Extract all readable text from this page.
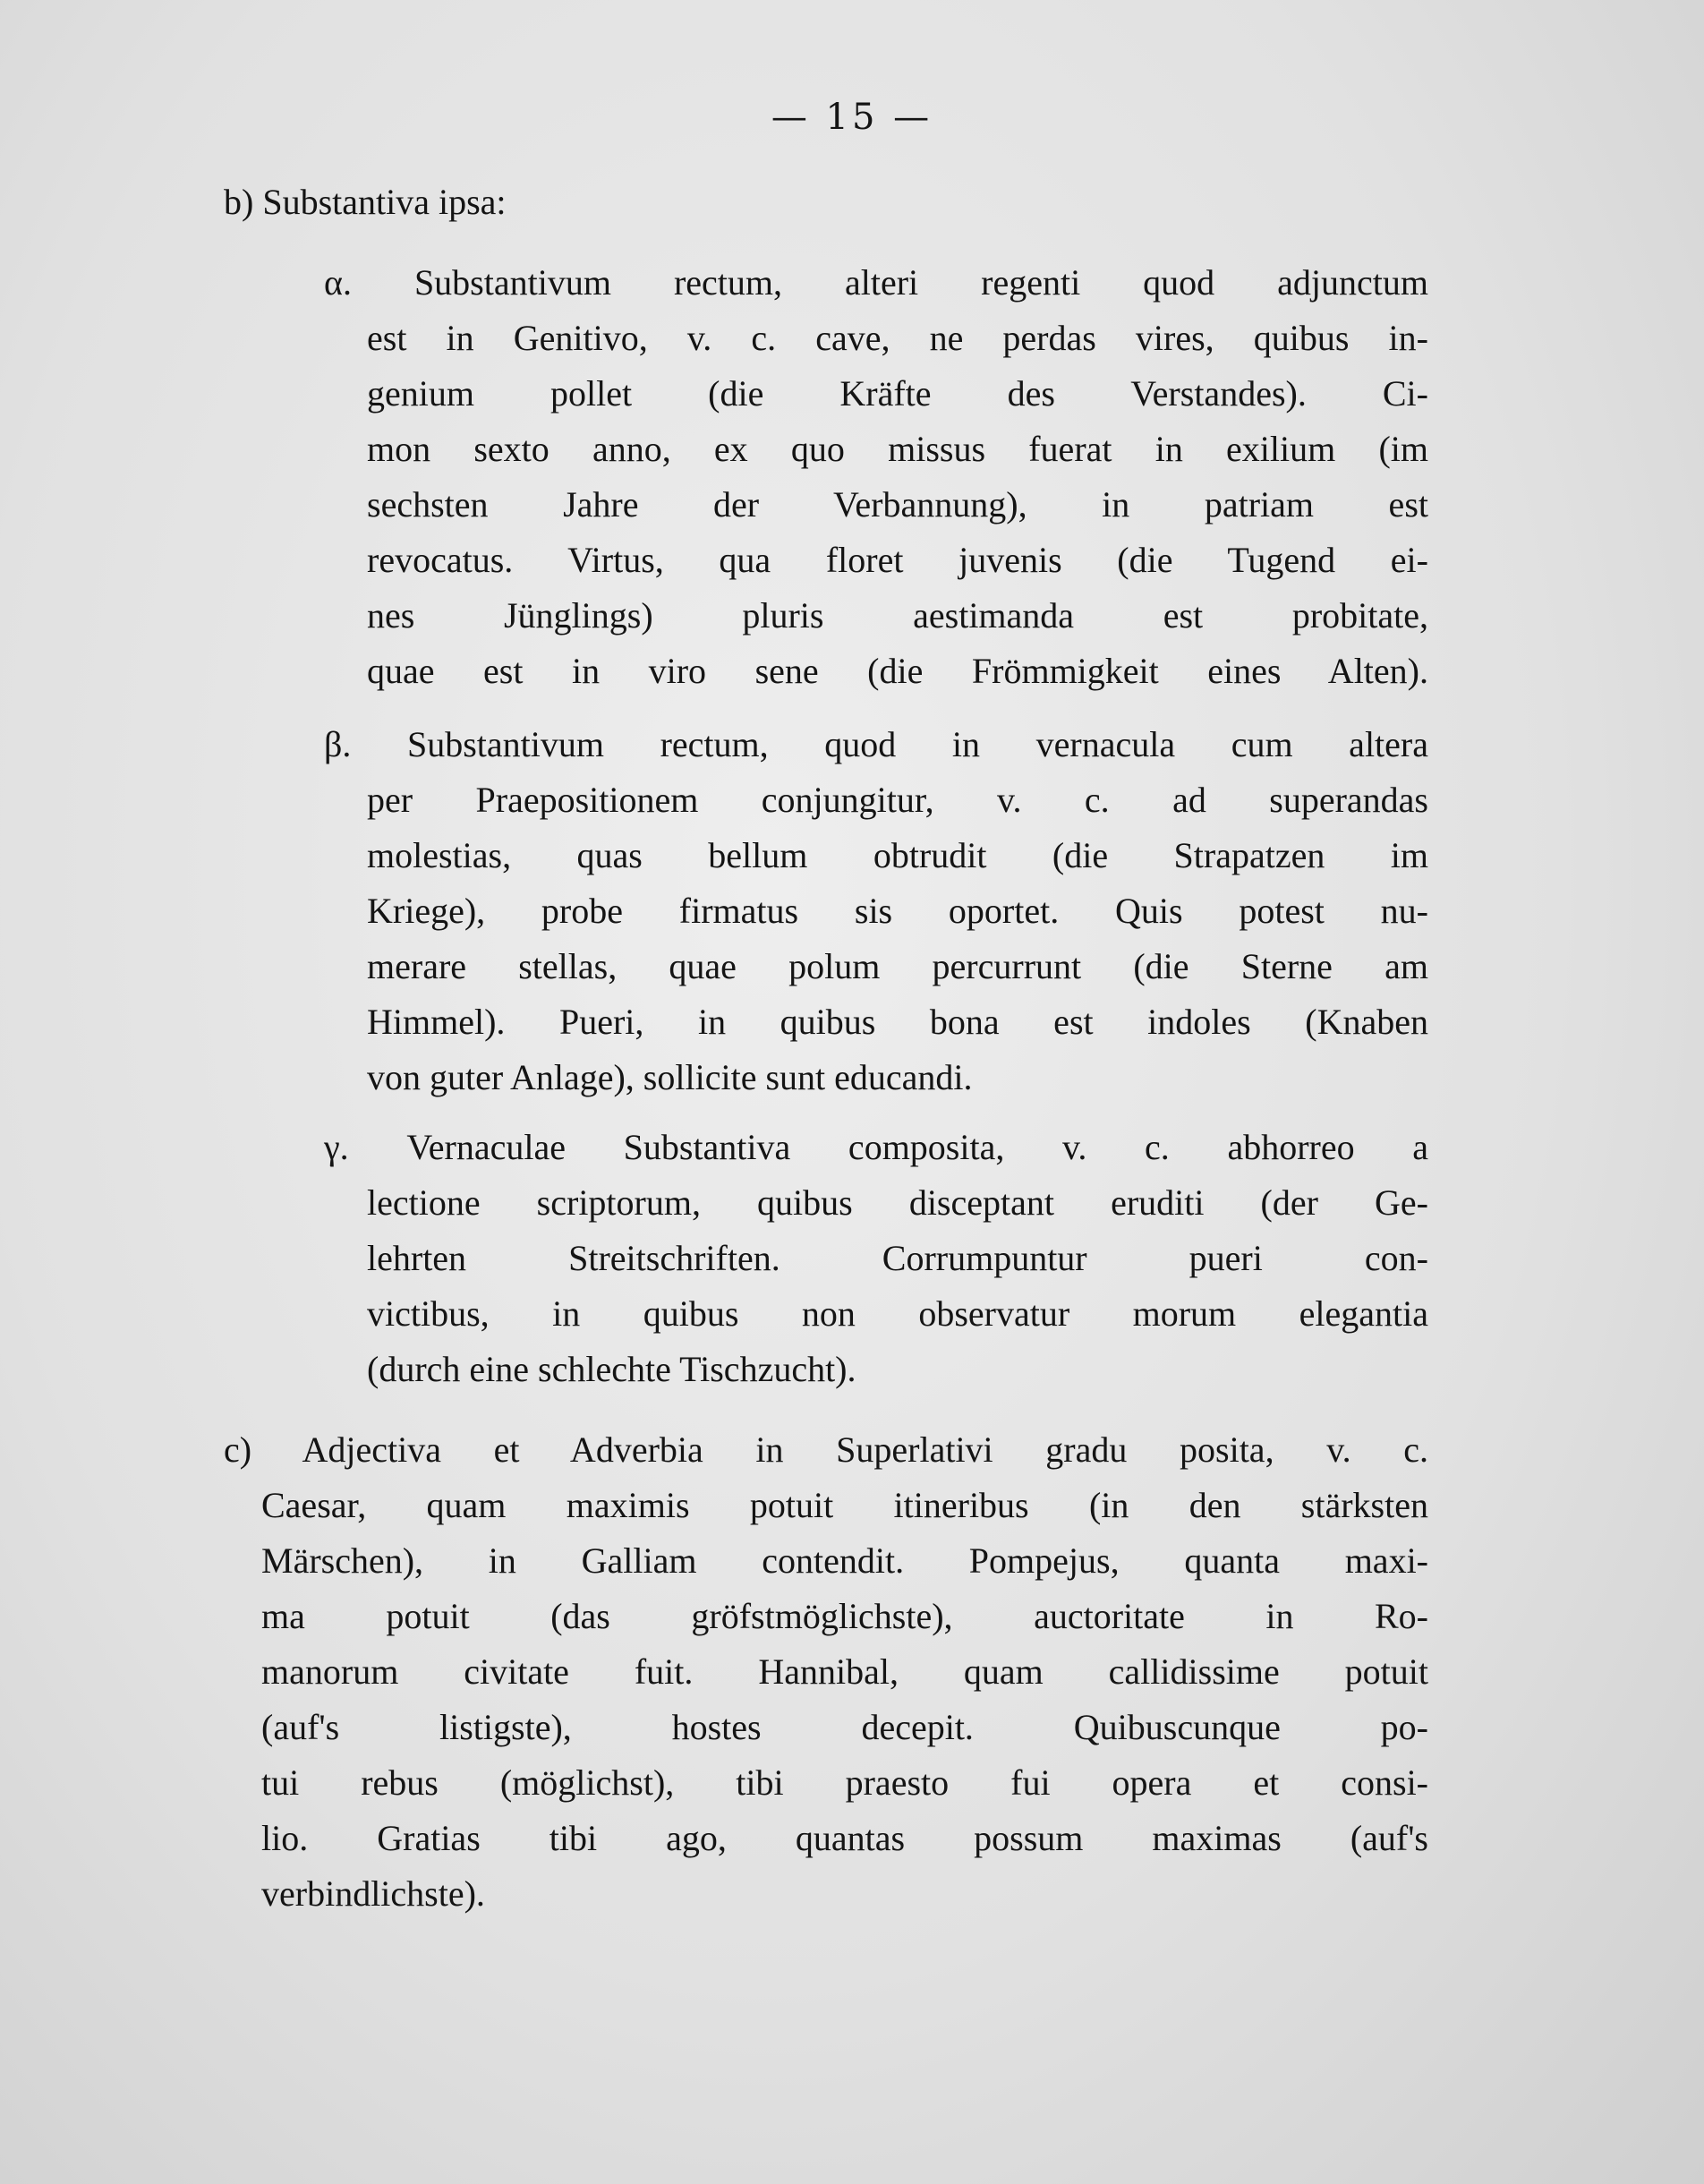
— 15 —
b) Substantiva ipsa:
α. Substantivum rectum, alteri regenti quod adjunctum
est in Genitivo, v. c. cave, ne perdas vires, quibus in-
genium pollet (die Kräfte des Verstandes). Ci-
mon sexto anno, ex quo missus fuerat in exilium (im
sechsten Jahre der Verbannung), in patriam est
revocatus. Virtus, qua floret juvenis (die Tugend ei-
nes Jünglings) pluris aestimanda est probitate,
quae est in viro sene (die Frömmigkeit eines Alten).
β. Substantivum rectum, quod in vernacula cum altera
per Praepositionem conjungitur, v. c. ad superandas
molestias, quas bellum obtrudit (die Strapatzen im
Kriege), probe firmatus sis oportet. Quis potest nu-
merare stellas, quae polum percurrunt (die Sterne am
Himmel). Pueri, in quibus bona est indoles (Knaben
von guter Anlage), sollicite sunt educandi.
γ. Vernaculae Substantiva composita, v. c. abhorreo a
lectione scriptorum, quibus disceptant eruditi (der Ge-
lehrten Streitschriften. Corrumpuntur pueri con-
victibus, in quibus non observatur morum elegantia
(durch eine schlechte Tischzucht).
c) Adjectiva et Adverbia in Superlativi gradu posita, v. c.
Caesar, quam maximis potuit itineribus (in den stärksten
Märschen), in Galliam contendit. Pompejus, quanta maxi-
ma potuit (das gröfstmöglichste), auctoritate in Ro-
manorum civitate fuit. Hannibal, quam callidissime potuit
(auf's listigste), hostes decepit. Quibuscunque po-
tui rebus (möglichst), tibi praesto fui opera et consi-
lio. Gratias tibi ago, quantas possum maximas (auf's
verbindlichste).
